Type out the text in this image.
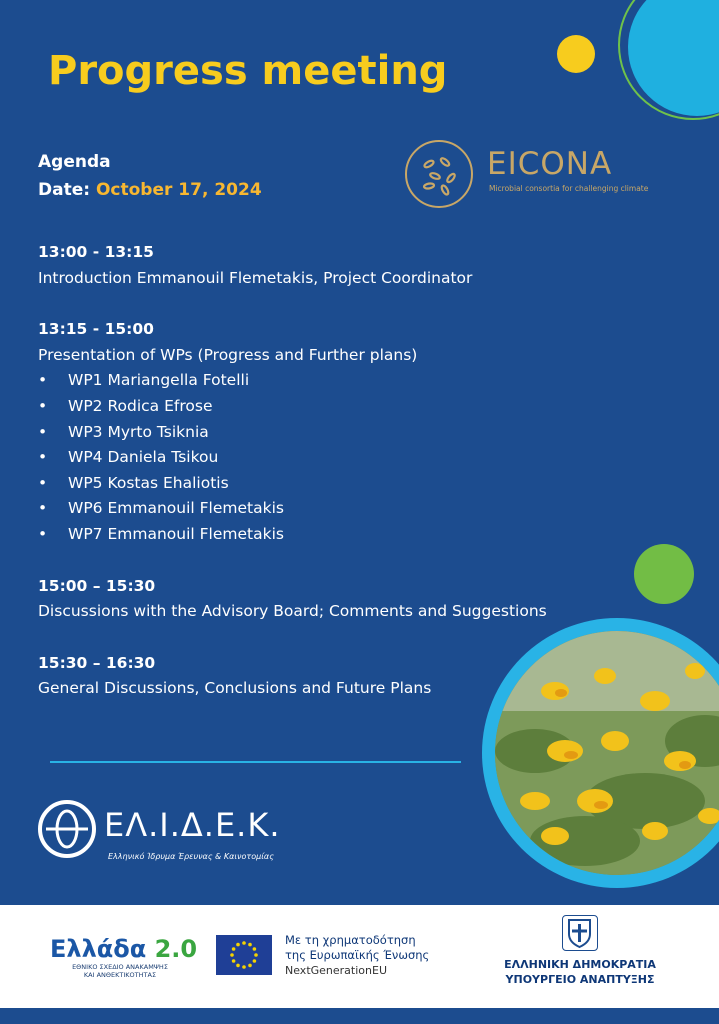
Progress meeting
Agenda
Date: October 17, 2024
EICONA
Microbial consortia for challenging climate
13:00 - 13:15
Introduction Emmanouil Flemetakis, Project Coordinator
13:15 - 15:00
Presentation of WPs (Progress and Further plans)
• WP1 Mariangella Fotelli
• WP2 Rodica Efrose
• WP3 Myrto Tsiknia
• WP4 Daniela Tsikou
• WP5 Kostas Ehaliotis
• WP6 Emmanouil Flemetakis
• WP7 Emmanouil Flemetakis
15:00 – 15:30
Discussions with the Advisory Board; Comments and Suggestions
15:30 – 16:30
General Discussions, Conclusions and Future Plans
ΕΛ.Ι.Δ.Ε.Κ.
Ελληνικό Ίδρυμα Έρευνας & Καινοτομίας
Ελλάδα 2.0
ΕΘΝΙΚΟ ΣΧΕΔΙΟ ΑΝΑΚΑΜΨΗΣ
ΚΑΙ ΑΝΘΕΚΤΙΚΟΤΗΤΑΣ
Με τη χρηματοδότηση
της Ευρωπαϊκής Ένωσης
NextGenerationEU	ΕΛΛΗΝΙΚΗ ΔΗΜΟΚΡΑΤΙΑ
ΥΠΟΥΡΓΕΙΟ ΑΝΑΠΤΥΞΗΣ
